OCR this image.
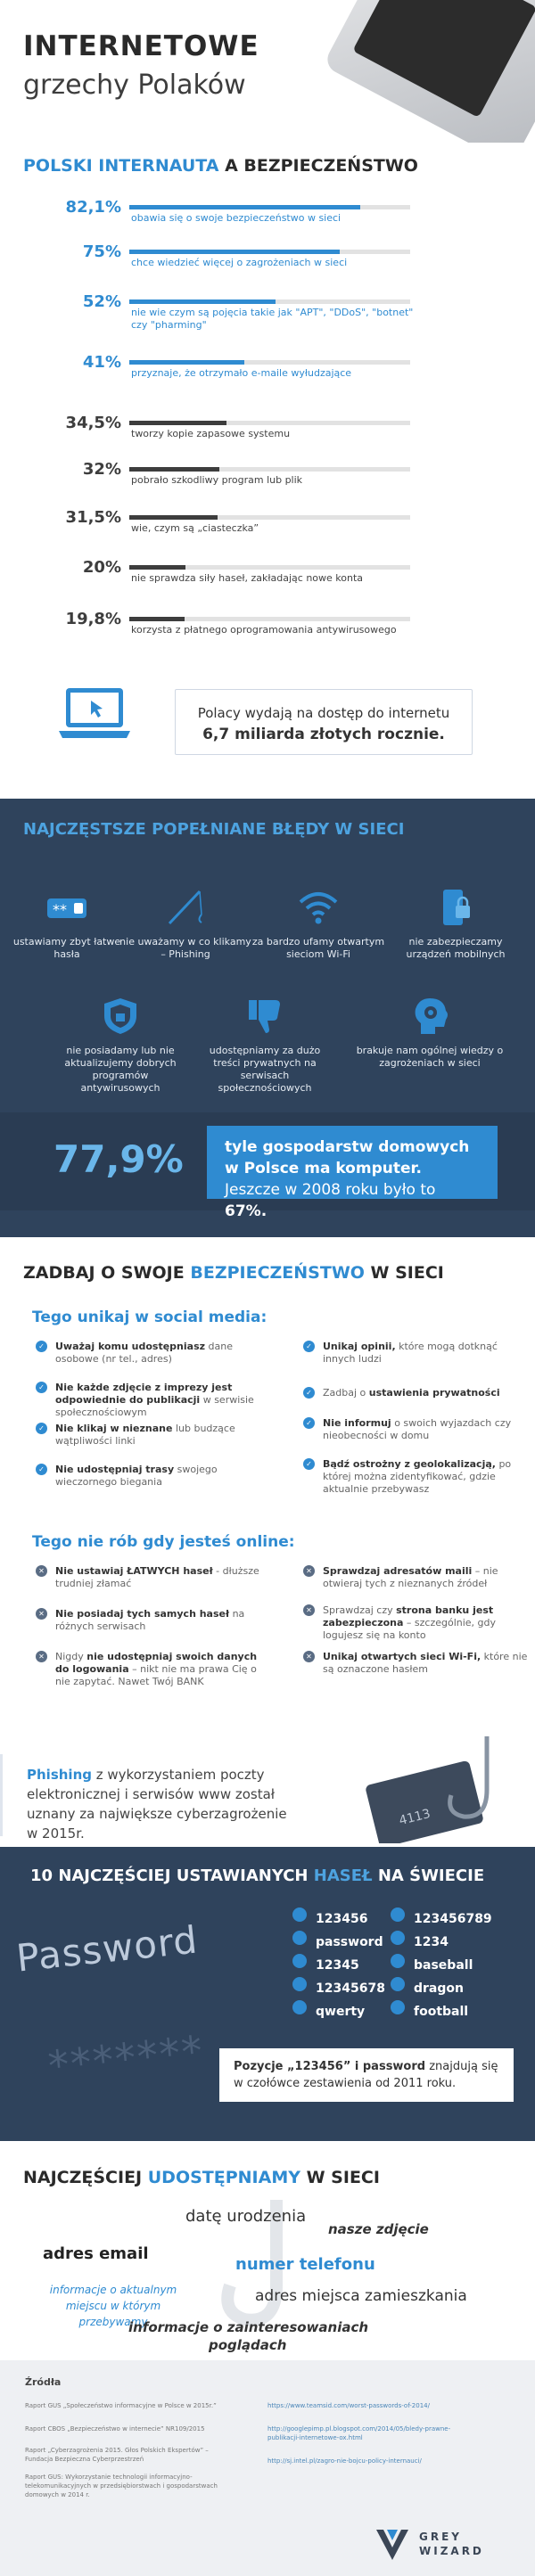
INTERNETOWE
grzechy Polaków
POLSKI INTERNAUTA A BEZPIECZEŃSTWO
82,1%
obawia się o swoje bezpieczeństwo w sieci
75%
chce wiedzieć więcej o zagrożeniach w sieci
52%
nie wie czym są pojęcia takie jak "APT", "DDoS", "botnet" czy "pharming"
41%
przyznaje, że otrzymało e-maile wyłudzające
34,5%
tworzy kopie zapasowe systemu
32%
pobrało szkodliwy program lub plik
31,5%
wie, czym są „ciasteczka”
20%
nie sprawdza siły haseł, zakładając nowe konta
19,8%
korzysta z płatnego oprogramowania antywirusowego
Polacy wydają na dostęp do internetu
6,7 miliarda złotych rocznie.
NAJCZĘSTSZE POPEŁNIANE BŁĘDY W SIECI
**
ustawiamy zbyt łatwe hasła
nie uważamy w co klikamy – Phishing
za bardzo ufamy otwartym sieciom Wi-Fi
nie zabezpieczamy urządzeń mobilnych
nie posiadamy lub nie aktualizujemy dobrych programów antywirusowych
udostępniamy za dużo treści prywatnych na serwisach społecznościowych
brakuje nam ogólnej wiedzy o zagrożeniach w sieci
77,9%	tyle gospodarstw domowych
w Polsce ma komputer.
Jeszcze w 2008 roku było to 67%.
ZADBAJ O SWOJE BEZPIECZEŃSTWO W SIECI
Tego unikaj w social media:
✓ Uważaj komu udostępniasz dane osobowe (nr tel., adres)
✓ Nie każde zdjęcie z imprezy jest odpowiednie do publikacji w serwisie społecznościowym
✓ Nie klikaj w nieznane lub budzące wątpliwości linki
✓ Nie udostępniaj trasy swojego wieczornego biegania
✓ Unikaj opinii, które mogą dotknąć innych ludzi
✓ Zadbaj o ustawienia prywatności
✓ Nie informuj o swoich wyjazdach czy nieobecności w domu
✓ Bądź ostrożny z geolokalizacją, po której można zidentyfikować, gdzie aktualnie przebywasz
Tego nie rób gdy jesteś online:
✕ Nie ustawiaj ŁATWYCH haseł - dłuższe trudniej złamać
✕ Nie posiadaj tych samych haseł na różnych serwisach
✕ Nigdy nie udostępniaj swoich danych do logowania – nikt nie ma prawa Cię o nie zapytać. Nawet Twój BANK
✕ Sprawdzaj adresatów maili – nie otwieraj tych z nieznanych źródeł
✕ Sprawdzaj czy strona banku jest zabezpieczona – szczególnie, gdy logujesz się na konto
✕ Unikaj otwartych sieci Wi-Fi, które nie są oznaczone hasłem
Phishing z wykorzystaniem poczty elektronicznej i serwisów www został uznany za największe cyberzagrożenie w 2015r.
4113
10 NAJCZĘŚCIEJ USTAWIANYCH HASEŁ NA ŚWIECIE
Password
*******
123456
password
12345
12345678
qwerty
123456789
1234
baseball
dragon
football
Pozycje „123456” i password znajdują się w czołówce zestawienia od 2011 roku.
NAJCZĘŚCIEJ UDOSTĘPNIAMY W SIECI
datę urodzenia
nasze zdjęcie
adres email
numer telefonu
informacje o aktualnym miejscu w którym przebywamy
adres miejsca zamieszkania
informacje o zainteresowaniach
poglądach
Źródła
Raport GUS „Społeczeństwo informacyjne w Polsce w 2015r.”
Raport CBOS „Bezpieczeństwo w internecie” NR109/2015
Raport „Cyberzagrożenia 2015. Głos Polskich Ekspertów” – Fundacja Bezpieczna Cyberprzestrzeń
Raport GUS: Wykorzystanie technologii informacyjno-telekomunikacyjnych w przedsiębiorstwach i gospodarstwach domowych w 2014 r.
https://www.teamsid.com/worst-passwords-of-2014/
http://googlepimp.pl.blogspot.com/2014/05/bledy-prawne-publikacji-internetowe-ox.html
http://sj.intel.pl/zagro-nie-bojcu-policy-internauci/
GREY WIZARD
